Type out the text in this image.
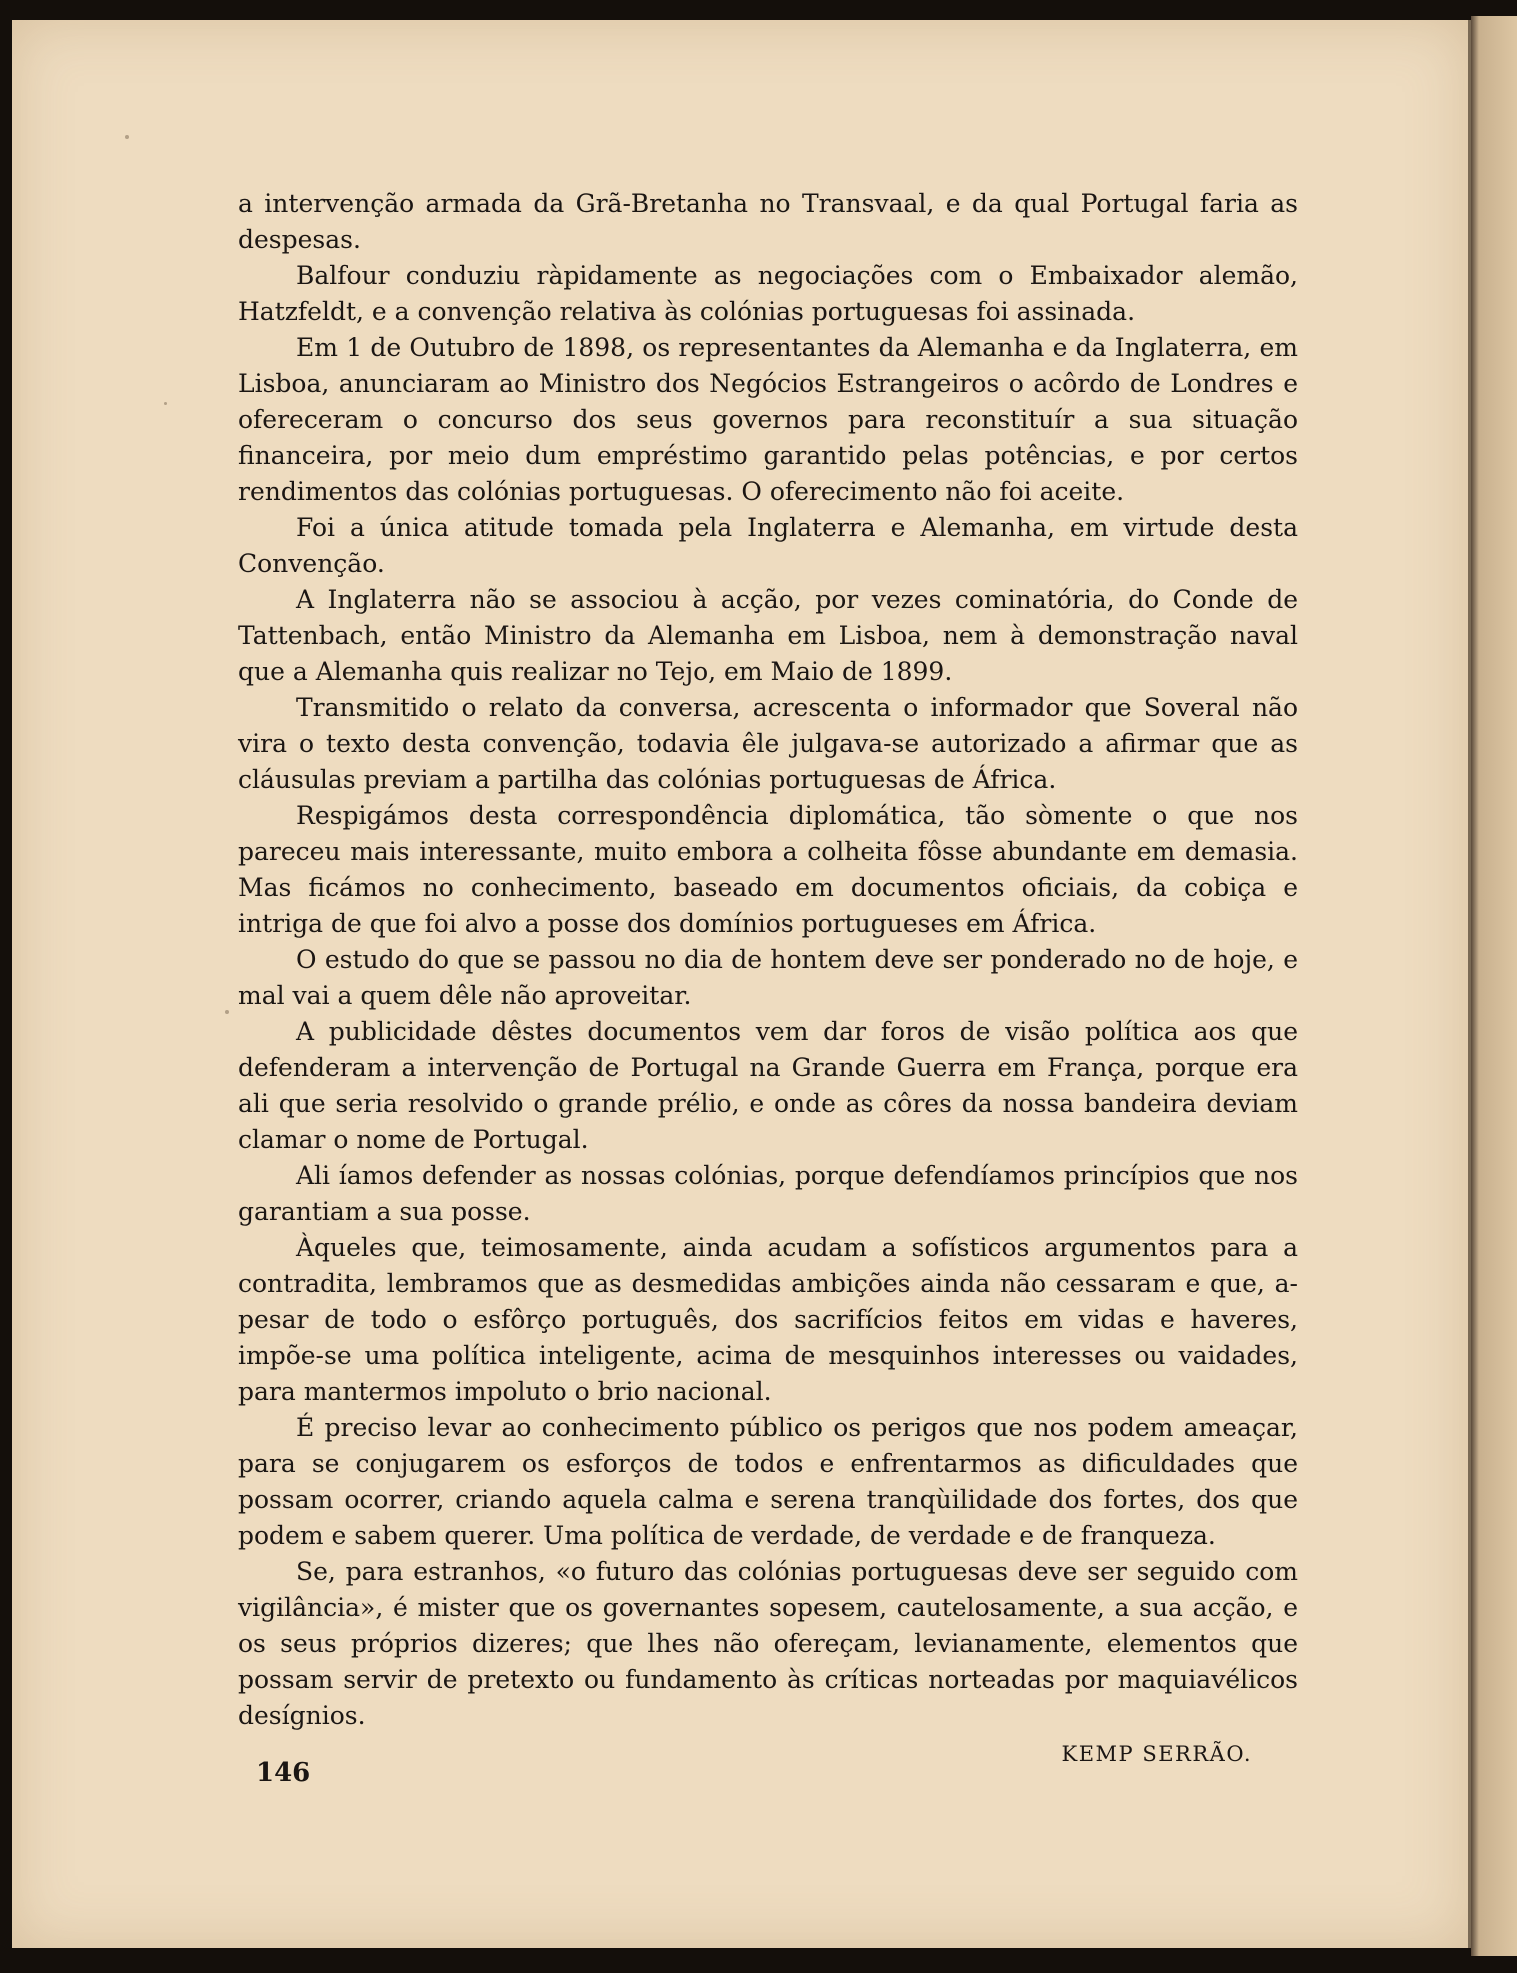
a intervenção armada da Grã-Bretanha no Transvaal, e da qual Portugal faria as despesas.

Balfour conduziu ràpidamente as negociações com o Embaixador alemão, Hatzfeldt, e a convenção relativa às colónias portuguesas foi assinada.

Em 1 de Outubro de 1898, os representantes da Alemanha e da Inglaterra, em Lisboa, anunciaram ao Ministro dos Negócios Estrangeiros o acôrdo de Londres e ofereceram o concurso dos seus governos para reconstituír a sua situação financeira, por meio dum empréstimo garantido pelas potências, e por certos rendimentos das colónias portuguesas. O oferecimento não foi aceite.

Foi a única atitude tomada pela Inglaterra e Alemanha, em virtude desta Convenção.

A Inglaterra não se associou à acção, por vezes cominatória, do Conde de Tattenbach, então Ministro da Alemanha em Lisboa, nem à demonstração naval que a Alemanha quis realizar no Tejo, em Maio de 1899.

Transmitido o relato da conversa, acrescenta o informador que Soveral não vira o texto desta convenção, todavia êle julgava-se autorizado a afirmar que as cláusulas previam a partilha das colónias portuguesas de África.

Respigámos desta correspondência diplomática, tão sòmente o que nos pareceu mais interessante, muito embora a colheita fôsse abundante em demasia. Mas ficámos no conhecimento, baseado em documentos oficiais, da cobiça e intriga de que foi alvo a posse dos domínios portugueses em África.

O estudo do que se passou no dia de hontem deve ser ponderado no de hoje, e mal vai a quem dêle não aproveitar.

A publicidade dêstes documentos vem dar foros de visão política aos que defenderam a intervenção de Portugal na Grande Guerra em França, porque era ali que seria resolvido o grande prélio, e onde as côres da nossa bandeira deviam clamar o nome de Portugal.

Ali íamos defender as nossas colónias, porque defendíamos princípios que nos garantiam a sua posse.

Àqueles que, teimosamente, ainda acudam a sofísticos argumentos para a contradita, lembramos que as desmedidas ambições ainda não cessaram e que, a-pesar de todo o esfôrço português, dos sacrifícios feitos em vidas e haveres, impõe-se uma política inteligente, acima de mesquinhos interesses ou vaidades, para mantermos impoluto o brio nacional.

É preciso levar ao conhecimento público os perigos que nos podem ameaçar, para se conjugarem os esforços de todos e enfrentarmos as dificuldades que possam ocorrer, criando aquela calma e serena tranqùilidade dos fortes, dos que podem e sabem querer. Uma política de verdade, de verdade e de franqueza.

Se, para estranhos, «o futuro das colónias portuguesas deve ser seguido com vigilância», é mister que os governantes sopesem, cautelosamente, a sua acção, e os seus próprios dizeres; que lhes não ofereçam, levianamente, elementos que possam servir de pretexto ou fundamento às críticas norteadas por maquiavélicos desígnios.

KEMP SERRÃO.
146
